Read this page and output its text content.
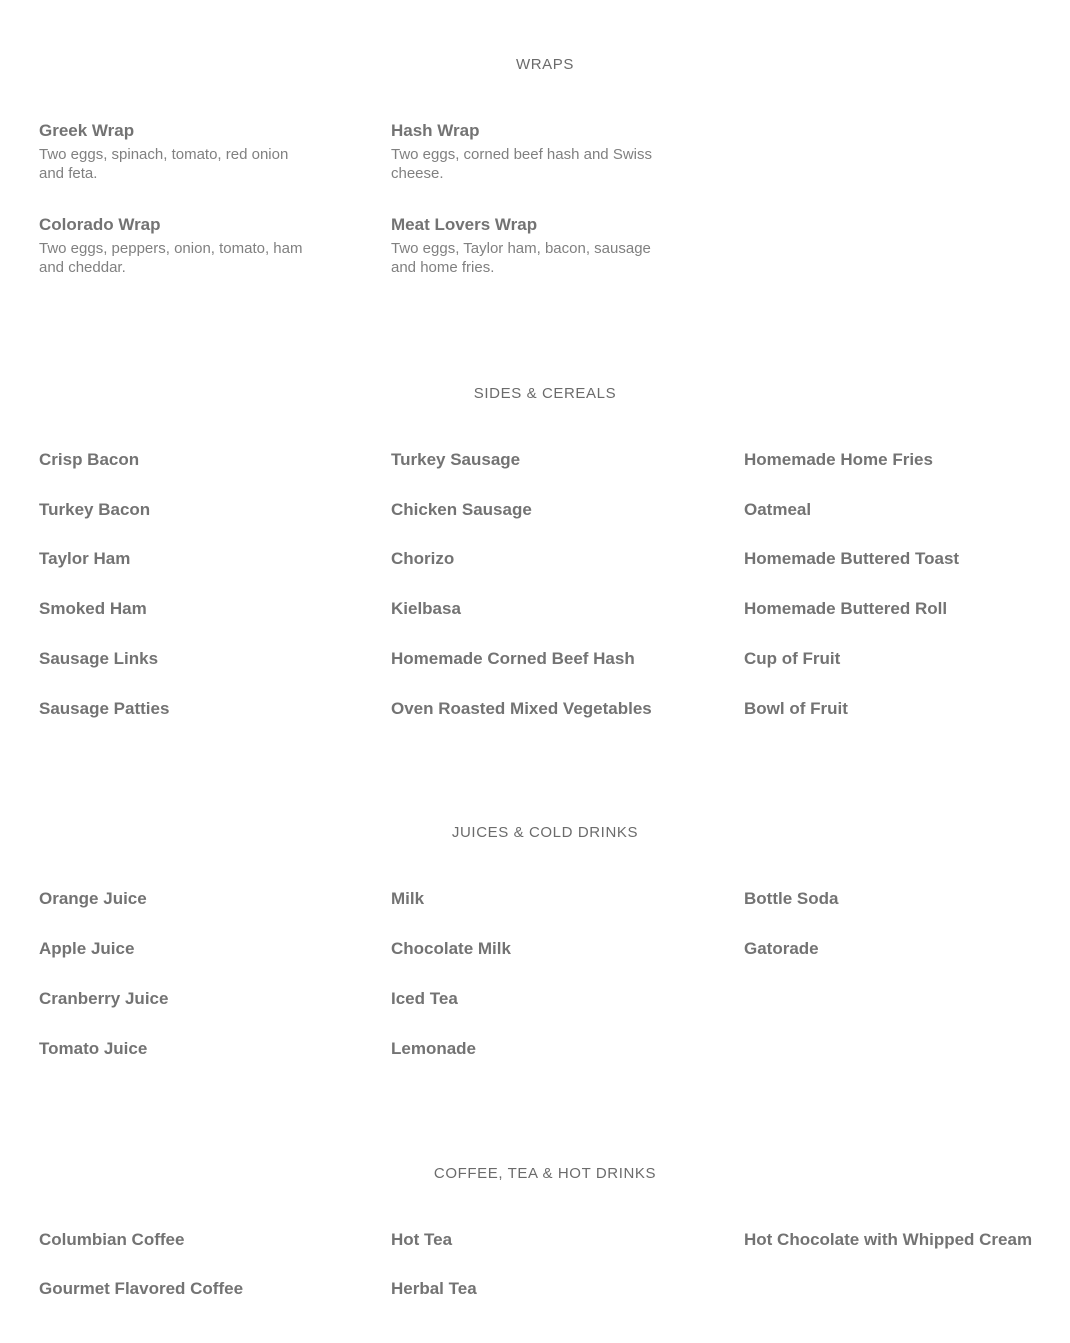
WRAPS
Greek Wrap
Two eggs, spinach, tomato, red onion and feta.
Hash Wrap
Two eggs, corned beef hash and Swiss cheese.
Colorado Wrap
Two eggs, peppers, onion, tomato, ham and cheddar.
Meat Lovers Wrap
Two eggs, Taylor ham, bacon, sausage and home fries.
SIDES & CEREALS
Crisp Bacon	Turkey Sausage	Homemade Home Fries
Turkey Bacon	Chicken Sausage	Oatmeal
Taylor Ham	Chorizo	Homemade Buttered Toast
Smoked Ham	Kielbasa	Homemade Buttered Roll
Sausage Links	Homemade Corned Beef Hash	Cup of Fruit
Sausage Patties	Oven Roasted Mixed Vegetables	Bowl of Fruit
JUICES & COLD DRINKS
Orange Juice	Milk	Bottle Soda
Apple Juice	Chocolate Milk	Gatorade
Cranberry Juice	Iced Tea
Tomato Juice	Lemonade
COFFEE, TEA & HOT DRINKS
Columbian Coffee	Hot Tea	Hot Chocolate with Whipped Cream
Gourmet Flavored Coffee	Herbal Tea
